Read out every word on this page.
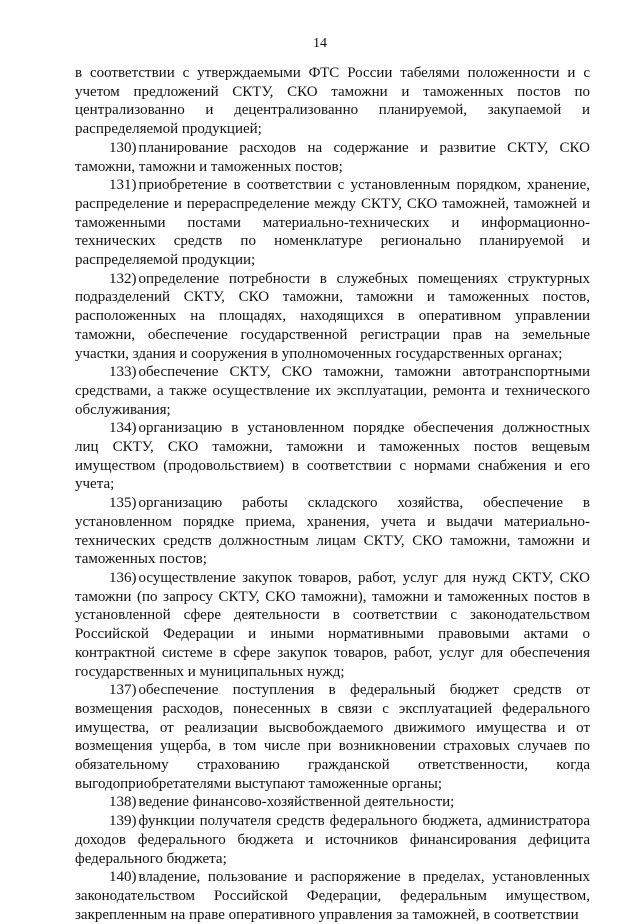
14

в соответствии с утверждаемыми ФТС России табелями положенности и с учетом предложений СКТУ, СКО таможни и таможенных постов по централизованно и децентрализованно планируемой, закупаемой и распределяемой продукцией;

130) планирование расходов на содержание и развитие СКТУ, СКО таможни, таможни и таможенных постов;

131) приобретение в соответствии с установленным порядком, хранение, распределение и перераспределение между СКТУ, СКО таможней, таможней и таможенными постами материально-технических и информационно-технических средств по номенклатуре регионально планируемой и распределяемой продукции;

132) определение потребности в служебных помещениях структурных подразделений СКТУ, СКО таможни, таможни и таможенных постов, расположенных на площадях, находящихся в оперативном управлении таможни, обеспечение государственной регистрации прав на земельные участки, здания и сооружения в уполномоченных государственных органах;

133) обеспечение СКТУ, СКО таможни, таможни автотранспортными средствами, а также осуществление их эксплуатации, ремонта и технического обслуживания;

134) организацию в установленном порядке обеспечения должностных лиц СКТУ, СКО таможни, таможни и таможенных постов вещевым имуществом (продовольствием) в соответствии с нормами снабжения и его учета;

135) организацию работы складского хозяйства, обеспечение в установленном порядке приема, хранения, учета и выдачи материально-технических средств должностным лицам СКТУ, СКО таможни, таможни и таможенных постов;

136) осуществление закупок товаров, работ, услуг для нужд СКТУ, СКО таможни (по запросу СКТУ, СКО таможни), таможни и таможенных постов в установленной сфере деятельности в соответствии с законодательством Российской Федерации и иными нормативными правовыми актами о контрактной системе в сфере закупок товаров, работ, услуг для обеспечения государственных и муниципальных нужд;

137) обеспечение поступления в федеральный бюджет средств от возмещения расходов, понесенных в связи с эксплуатацией федерального имущества, от реализации высвобождаемого движимого имущества и от возмещения ущерба, в том числе при возникновении страховых случаев по обязательному страхованию гражданской ответственности, когда выгодоприобретателями выступают таможенные органы;

138) ведение финансово-хозяйственной деятельности;

139) функции получателя средств федерального бюджета, администратора доходов федерального бюджета и источников финансирования дефицита федерального бюджета;

140) владение, пользование и распоряжение в пределах, установленных законодательством Российской Федерации, федеральным имуществом, закрепленным на праве оперативного управления за таможней, в соответствии
